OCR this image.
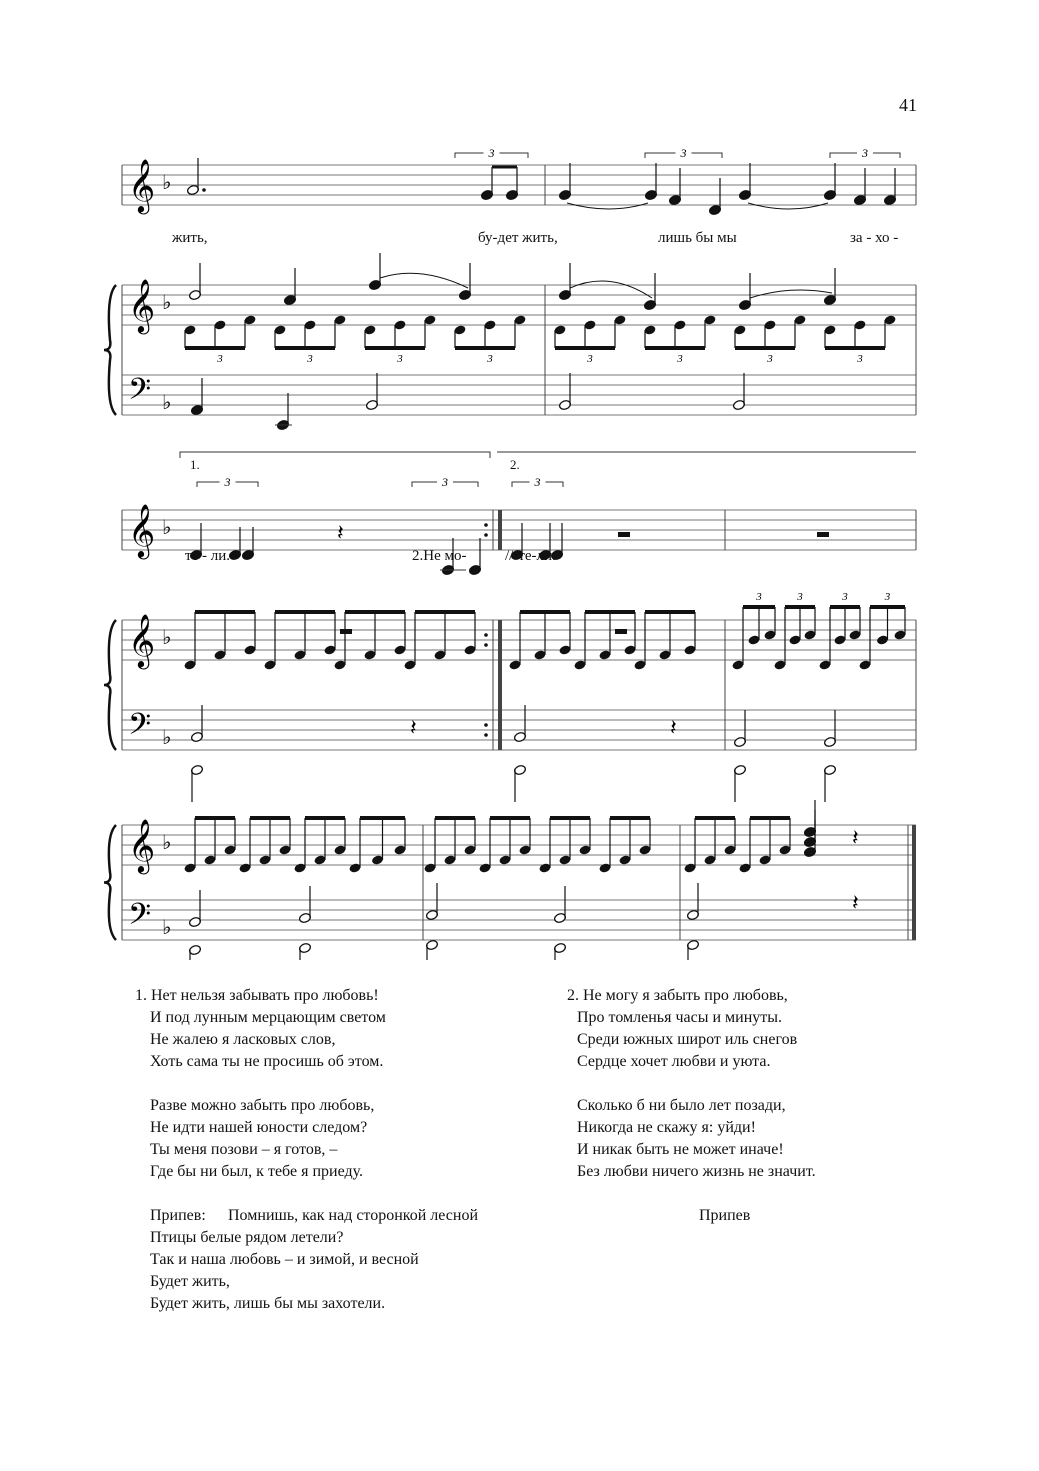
𝄞 ♭
𝄞 ♭
𝄢 ♭
3	3	3
3	3	3	3	3	3	3	3
𝄞 ♭
𝄞 ♭
𝄢 ♭
3	3	3
𝄽
3	3	3	3
𝄽	𝄽
𝄞 ♭
𝄢 ♭
𝄽
𝄽
41
жить,	бу-дет жить,	лишь бы мы	за - хо -
1.	2.
те - ли.	2.Не мо-	//-те-ли.
1. Нет нельзя забывать про любовь!
И под лунным мерцающим светом
Не жалею я ласковых слов,
Хоть сама ты не просишь об этом.
Разве можно забыть про любовь,
Не идти нашей юности следом?
Ты меня позови – я готов, –
Где бы ни был, к тебе я приеду.
Припев: Помнишь, как над сторонкой лесной
Птицы белые рядом летели?
Так и наша любовь – и зимой, и весной
Будет жить,
Будет жить, лишь бы мы захотели.
2. Не могу я забыть про любовь,
Про томленья часы и минуты.
Среди южных широт иль снегов
Сердце хочет любви и уюта.
Сколько б ни было лет позади,
Никогда не скажу я: уйди!
И никак быть не может иначе!
Без любви ничего жизнь не значит.
Припев
